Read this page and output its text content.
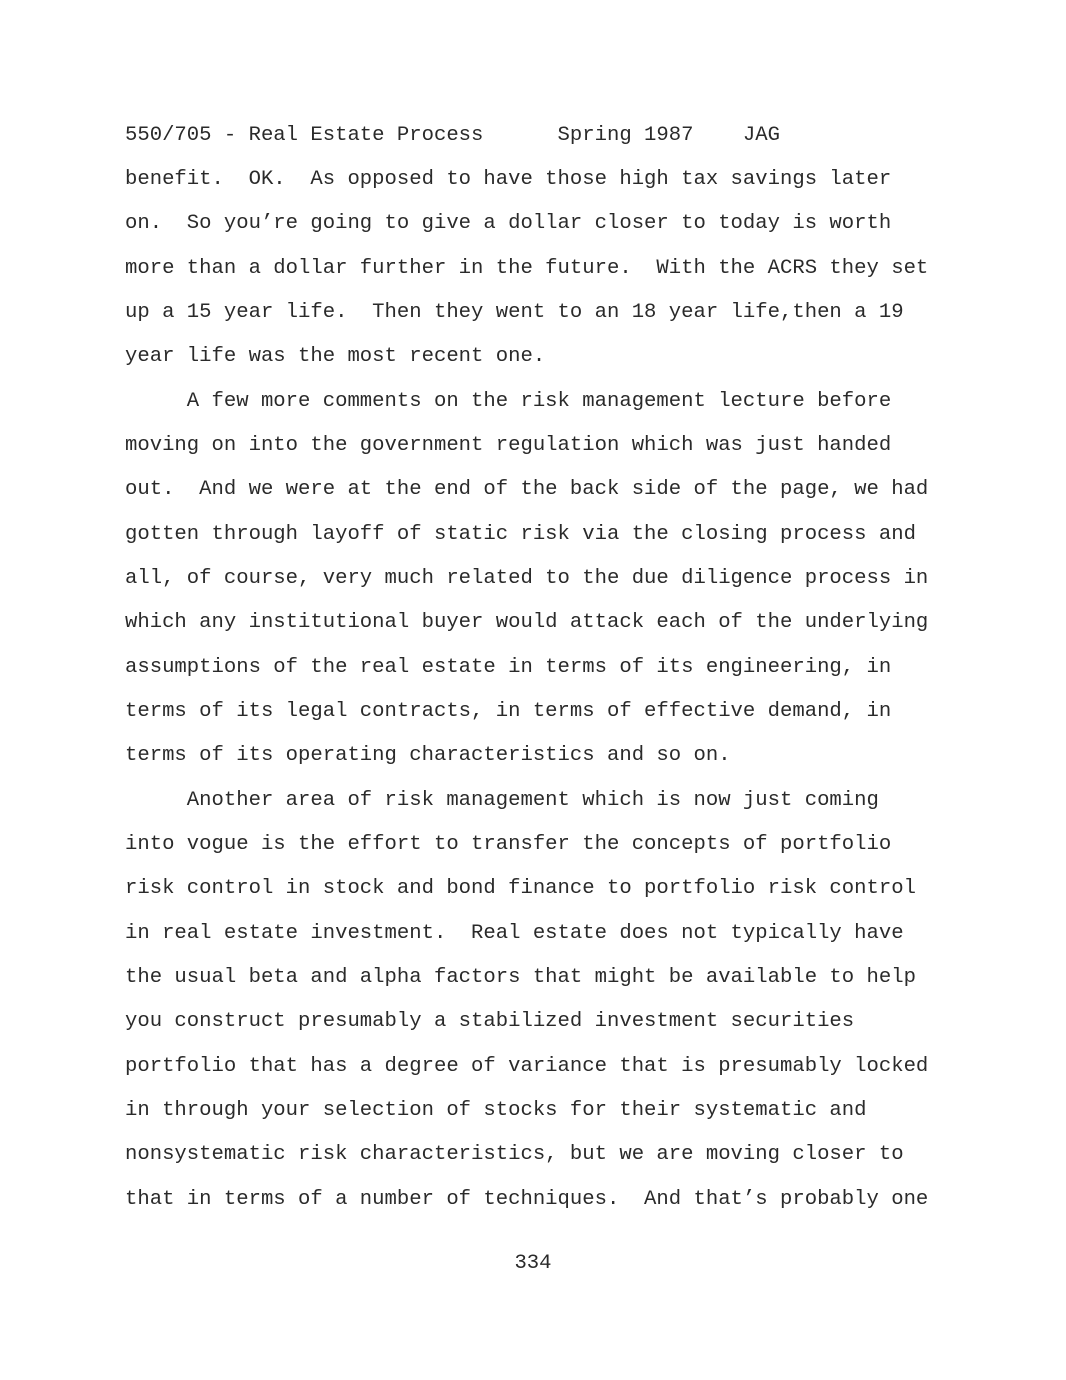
550/705 - Real Estate Process      Spring 1987    JAG
benefit.  OK.  As opposed to have those high tax savings later
on.  So you’re going to give a dollar closer to today is worth
more than a dollar further in the future.  With the ACRS they set
up a 15 year life.  Then they went to an 18 year life,then a 19
year life was the most recent one.
A few more comments on the risk management lecture before
moving on into the government regulation which was just handed
out.  And we were at the end of the back side of the page, we had
gotten through layoff of static risk via the closing process and
all, of course, very much related to the due diligence process in
which any institutional buyer would attack each of the underlying
assumptions of the real estate in terms of its engineering, in
terms of its legal contracts, in terms of effective demand, in
terms of its operating characteristics and so on.
Another area of risk management which is now just coming
into vogue is the effort to transfer the concepts of portfolio
risk control in stock and bond finance to portfolio risk control
in real estate investment.  Real estate does not typically have
the usual beta and alpha factors that might be available to help
you construct presumably a stabilized investment securities
portfolio that has a degree of variance that is presumably locked
in through your selection of stocks for their systematic and
nonsystematic risk characteristics, but we are moving closer to
that in terms of a number of techniques.  And that’s probably one
334
